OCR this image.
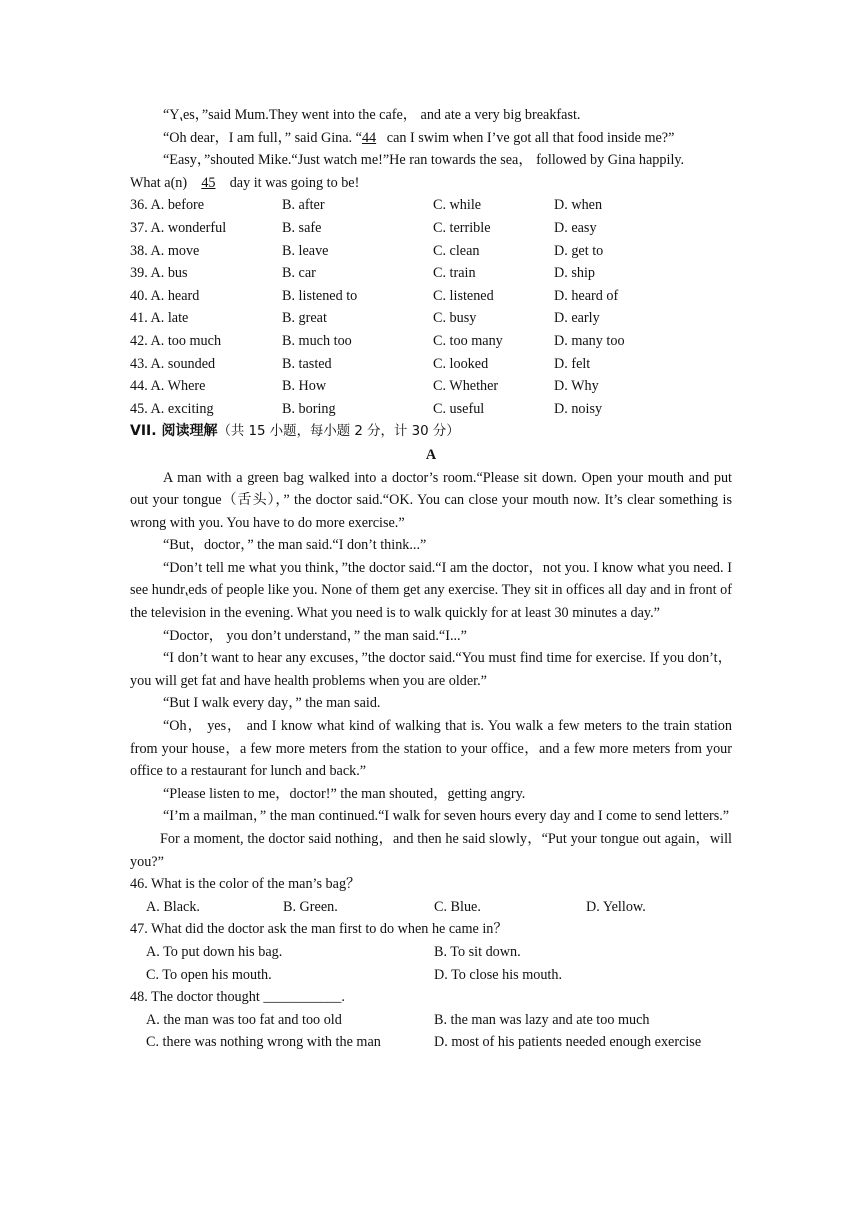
“Y⹁es，”said Mum.They went into the cafe， and ate a very big breakfast.

“Oh dear，I am full，” said Gina. “44 can I swim when I’ve got all that food inside me?”

“Easy，”shouted Mike.“Just watch me!”He ran towards the sea， followed by Gina happily.

What a(n) 45 day it was going to be!

36. A. before	B. after	C. while	D. when
37. A. wonderful	B. safe	C. terrible	D. easy
38. A. move	B. leave	C. clean	D. get to
39. A. bus	B. car	C. train	D. ship
40. A. heard	B. listened to	C. listened	D. heard of
41. A. late	B. great	C. busy	D. early
42. A. too much	B. much too	C. too many	D. many too
43. A. sounded	B. tasted	C. looked	D. felt
44. A. Where	B. How	C. Whether	D. Why
45. A. exciting	B. boring	C. useful	D. noisy

VII. 阅读理解（共 15 小题，每小题 2 分，计 30 分）

A

A man with a green bag walked into a doctor’s room.“Please sit down. Open your mouth and put out your tongue（舌头），” the doctor said.“OK. You can close your mouth now. It’s clear something is wrong with you. You have to do more exercise.”

“But，doctor，” the man said.“I don’t think...”

“Don’t tell me what you think，”the doctor said.“I am the doctor，not you. I know what you need. I see hundr⹁eds of people like you. None of them get any exercise. They sit in offices all day and in front of the television in the evening. What you need is to walk quickly for at least 30 minutes a day.”

“Doctor， you don’t understand，” the man said.“I...”

“I don’t want to hear any excuses，”the doctor said.“You must find time for exercise. If you don’t，you will get fat and have health problems when you are older.”

“But I walk every day，” the man said.

“Oh， yes， and I know what kind of walking that is. You walk a few meters to the train station from your house，a few more meters from the station to your office，and a few more meters from your office to a restaurant for lunch and back.”

“Please listen to me，doctor!” the man shouted，getting angry.

“I’m a mailman，” the man continued.“I walk for seven hours every day and I come to send letters.”

For a moment, the doctor said nothing，and then he said slowly，“Put your tongue out again，will you?”

46. What is the color of the man’s bag？

A. Black.	B. Green.	C. Blue.	D. Yellow.

47. What did the doctor ask the man first to do when he came in？

A. To put down his bag.	B. To sit down.
C. To open his mouth.	D. To close his mouth.

48. The doctor thought ___________.

A. the man was too fat and too old	B. the man was lazy and ate too much
C. there was nothing wrong with the man	D. most of his patients needed enough exercise
